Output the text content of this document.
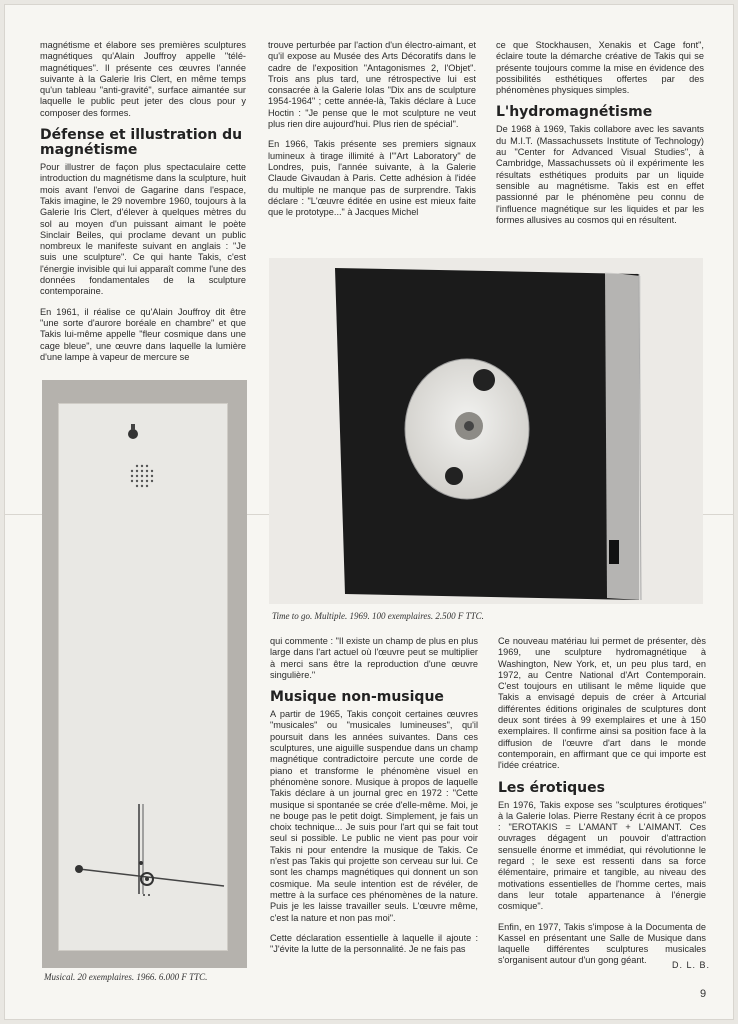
magnétisme et élabore ses premières sculptures magnétiques qu'Alain Jouffroy appelle "télé-magnétiques". Il présente ces œuvres l'année suivante à la Galerie Iris Clert, en même temps qu'un tableau "anti-gravité", surface aimantée sur laquelle le public peut jeter des clous pour y composer des formes.

Défense et illustration du magnétisme

Pour illustrer de façon plus spectaculaire cette introduction du magnétisme dans la sculpture, huit mois avant l'envoi de Gagarine dans l'espace, Takis imagine, le 29 novembre 1960, toujours à la Galerie Iris Clert, d'élever à quelques mètres du sol au moyen d'un puissant aimant le poète Sinclair Beiles, qui proclame devant un public nombreux le manifeste suivant en anglais : "Je suis une sculpture". Ce qui hante Takis, c'est l'énergie invisible qui lui apparaît comme l'une des données fondamentales de la sculpture contemporaine.

En 1961, il réalise ce qu'Alain Jouffroy dit être "une sorte d'aurore boréale en chambre" et que Takis lui-même appelle "fleur cosmique dans une cage bleue", une œuvre dans laquelle la lumière d'une lampe à vapeur de mercure se

trouve perturbée par l'action d'un électro-aimant, et qu'il expose au Musée des Arts Décoratifs dans le cadre de l'exposition "Antagonismes 2, l'Objet". Trois ans plus tard, une rétrospective lui est consacrée à la Galerie Iolas "Dix ans de sculpture 1954-1964" ; cette année-là, Takis déclare à Luce Hoctin : "Je pense que le mot sculpture ne veut plus rien dire aujourd'hui. Plus rien de spécial".

En 1966, Takis présente ses premiers signaux lumineux à tirage illimité à l'"Art Laboratory" de Londres, puis, l'année suivante, à la Galerie Claude Givaudan à Paris. Cette adhésion à l'idée du multiple ne manque pas de surprendre. Takis déclare : "L'œuvre éditée en usine est mieux faite que le prototype..." à Jacques Michel

ce que Stockhausen, Xenakis et Cage font", éclaire toute la démarche créative de Takis qui se présente toujours comme la mise en évidence des possibilités esthétiques offertes par des phénomènes physiques simples.

L'hydromagnétisme

De 1968 à 1969, Takis collabore avec les savants du M.I.T. (Massachussets Institute of Technology) au "Center for Advanced Visual Studies", à Cambridge, Massachussets où il expérimente les résultats esthétiques produits par un liquide sensible au magnétisme. Takis est en effet passionné par le phénomène peu connu de l'influence magnétique sur les liquides et par les formes allusives au cosmos qui en résultent.

Musical. 20 exemplaires. 1966. 6.000 F TTC.
Time to go. Multiple. 1969. 100 exemplaires. 2.500 F TTC.

qui commente : "Il existe un champ de plus en plus large dans l'art actuel où l'œuvre peut se multiplier à merci sans être la reproduction d'une œuvre singulière."

Musique non-musique

A partir de 1965, Takis conçoit certaines œuvres "musicales" ou "musicales lumineuses", qu'il poursuit dans les années suivantes. Dans ces sculptures, une aiguille suspendue dans un champ magnétique contradictoire percute une corde de piano et transforme le phénomène visuel en phénomène sonore. Musique à propos de laquelle Takis déclare à un journal grec en 1972 : "Cette musique si spontanée se crée d'elle-même. Moi, je ne bouge pas le petit doigt. Simplement, je fais un choix technique... Je suis pour l'art qui se fait tout seul si possible. Le public ne vient pas pour voir Takis ni pour entendre la musique de Takis. Ce n'est pas Takis qui projette son cerveau sur lui. Ce sont les champs magnétiques qui donnent un son cosmique. Ma seule intention est de révéler, de mettre à la surface ces phénomènes de la nature. Puis je les laisse travailler seuls. L'œuvre même, c'est la nature et non pas moi".

Cette déclaration essentielle à laquelle il ajoute : "J'évite la lutte de la personnalité. Je ne fais pas

Ce nouveau matériau lui permet de présenter, dès 1969, une sculpture hydromagnétique à Washington, New York, et, un peu plus tard, en 1972, au Centre National d'Art Contemporain. C'est toujours en utilisant le même liquide que Takis a envisagé depuis de créer à Artcurial différentes éditions originales de sculptures dont deux sont tirées à 99 exemplaires et une à 150 exemplaires. Il confirme ainsi sa position face à la diffusion de l'œuvre d'art dans le monde contemporain, en affirmant que ce qui importe est l'idée créatrice.

Les érotiques

En 1976, Takis expose ses "sculptures érotiques" à la Galerie Iolas. Pierre Restany écrit à ce propos : "EROTAKIS = L'AMANT + L'AIMANT. Ces ouvrages dégagent un pouvoir d'attraction sensuelle énorme et immédiat, qui révolutionne le regard ; le sexe est ressenti dans sa force élémentaire, primaire et tangible, au niveau des motivations essentielles de l'homme certes, mais dans leur totale appartenance à l'énergie cosmique".

Enfin, en 1977, Takis s'impose à la Documenta de Kassel en présentant une Salle de Musique dans laquelle différentes sculptures musicales s'organisent autour d'un gong géant.	D. L. B.
9
